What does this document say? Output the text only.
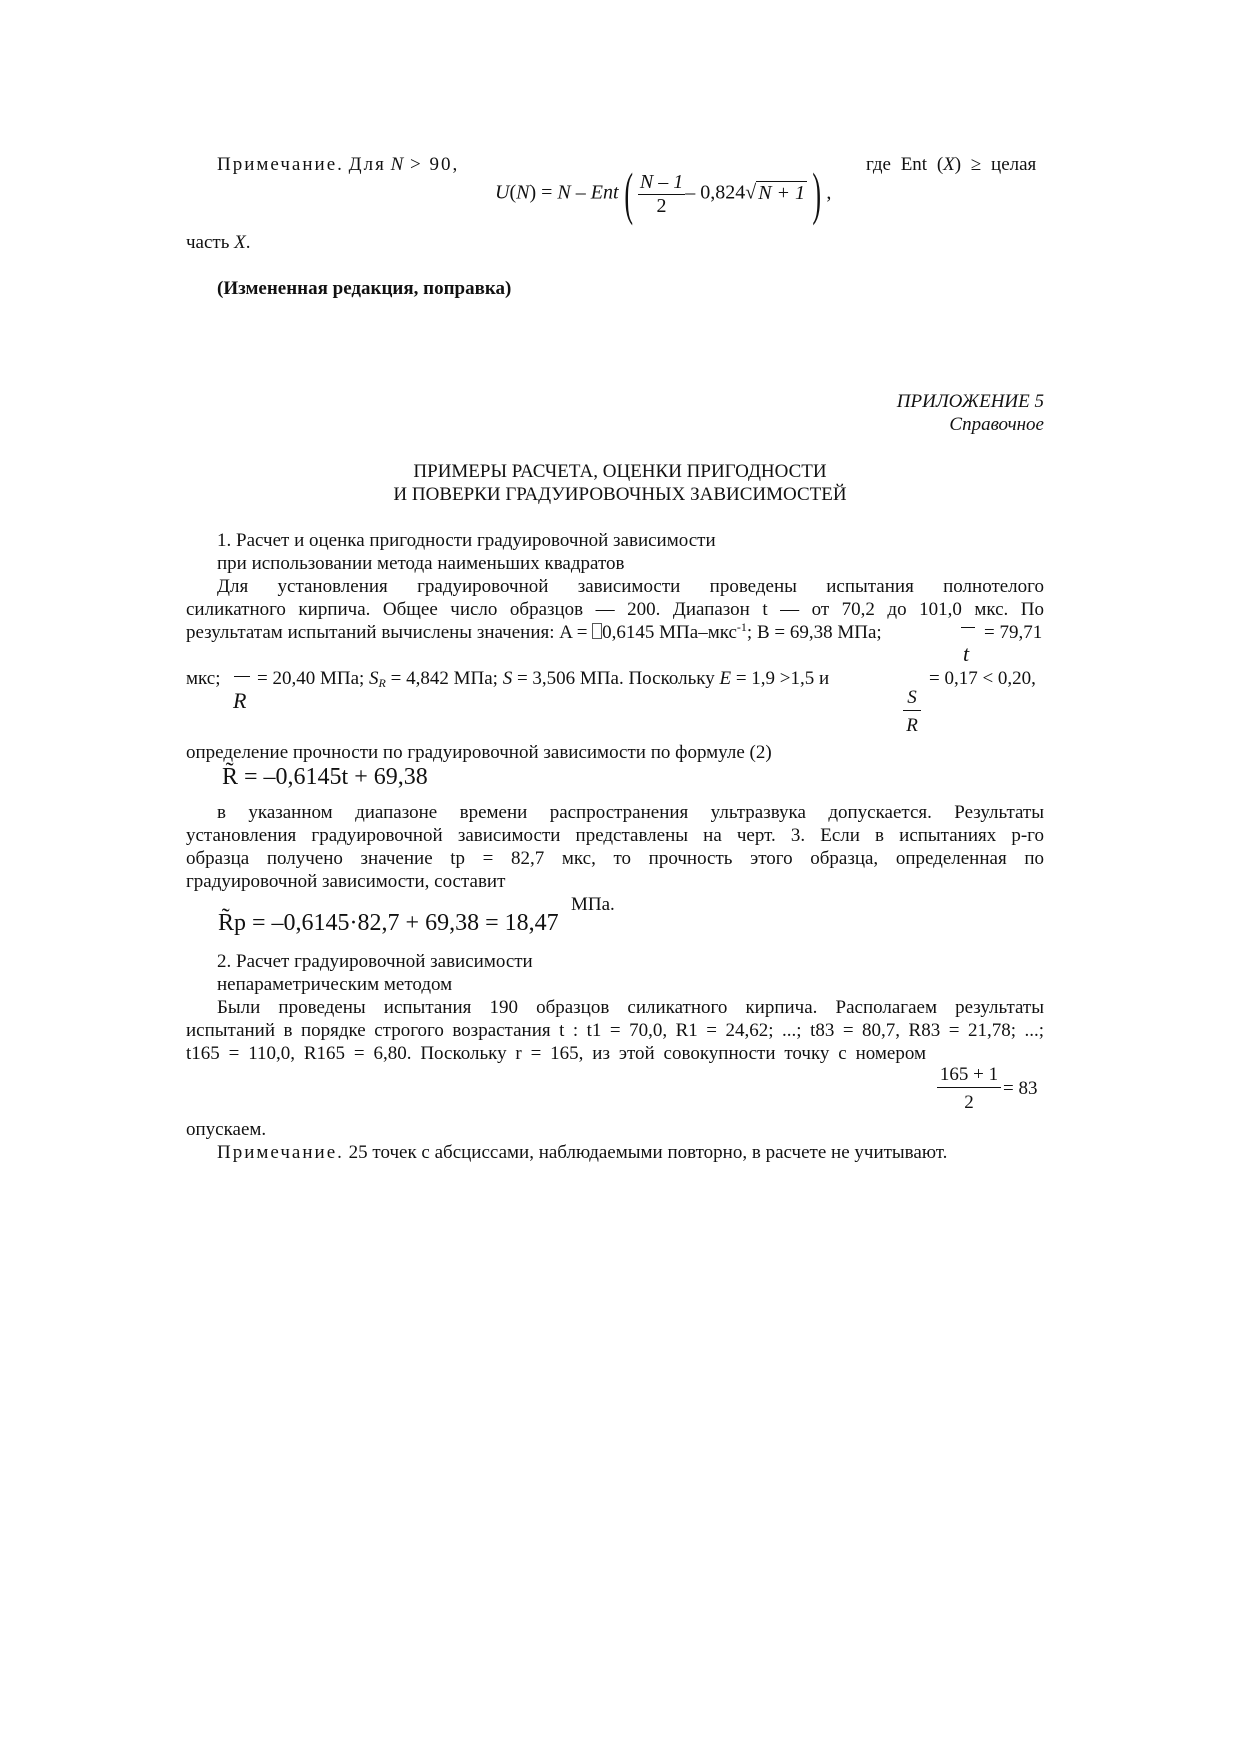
Примечание. Для N > 90,	где Ent (X) ≥ целая
$U(N) = N - Ent( \frac{N - 1}{2} - 0,824√$ N + 1 ) ,
часть X.
(Измененная редакция, поправка)
ПРИЛОЖЕНИЕ 5
Справочное
ПРИМЕРЫ РАСЧЕТА, ОЦЕНКИ ПРИГОДНОСТИ
И ПОВЕРКИ ГРАДУИРОВОЧНЫХ ЗАВИСИМОСТЕЙ
1. Расчет и оценка пригодности градуировочной зависимости
при использовании метода наименьших квадратов
Для установления градуировочной зависимости проведены испытания полнотелого
силикатного кирпича. Общее число образцов — 200. Диапазон t — от 70,2 до 101,0 мкс. По
результатам испытаний вычислены значения: A = 0,6145 МПа–мкс$^{-1}$; B = 69,38 МПа;	= 79,71
t
мкс; = 20,40 МПа; $S_R = 4,842$ МПа; S = 3,506 МПа. Поскольку E = 1,9 >1,5 и	= 0,17 < 0,20,
R	S
R
определение прочности по градуировочной зависимости по формуле (2)
R̃ = –0,6145t + 69,38
в указанном диапазоне времени распространения ультразвука допускается. Результаты
установления градуировочной зависимости представлены на черт. 3. Если в испытаниях p-го
образца получено значение tp = 82,7 мкс, то прочность этого образца, определенная по
градуировочной зависимости, составит
МПа.
R̃p = –0,6145·82,7 + 69,38 = 18,47
2. Расчет градуировочной зависимости
непараметрическим методом
Были проведены испытания 190 образцов силикатного кирпича. Располагаем результаты
испытаний в порядке строгого возрастания t : t1 = 70,0, R1 = 24,62; ...; t83 = 80,7, R83 = 21,78; ...;
t165 = 110,0, R165 = 6,80. Поскольку r = 165, из этой совокупности точку с номером
165 + 1
2
= 83
опускаем.
Примечание. 25 точек с абсциссами, наблюдаемыми повторно, в расчете не учитывают.
